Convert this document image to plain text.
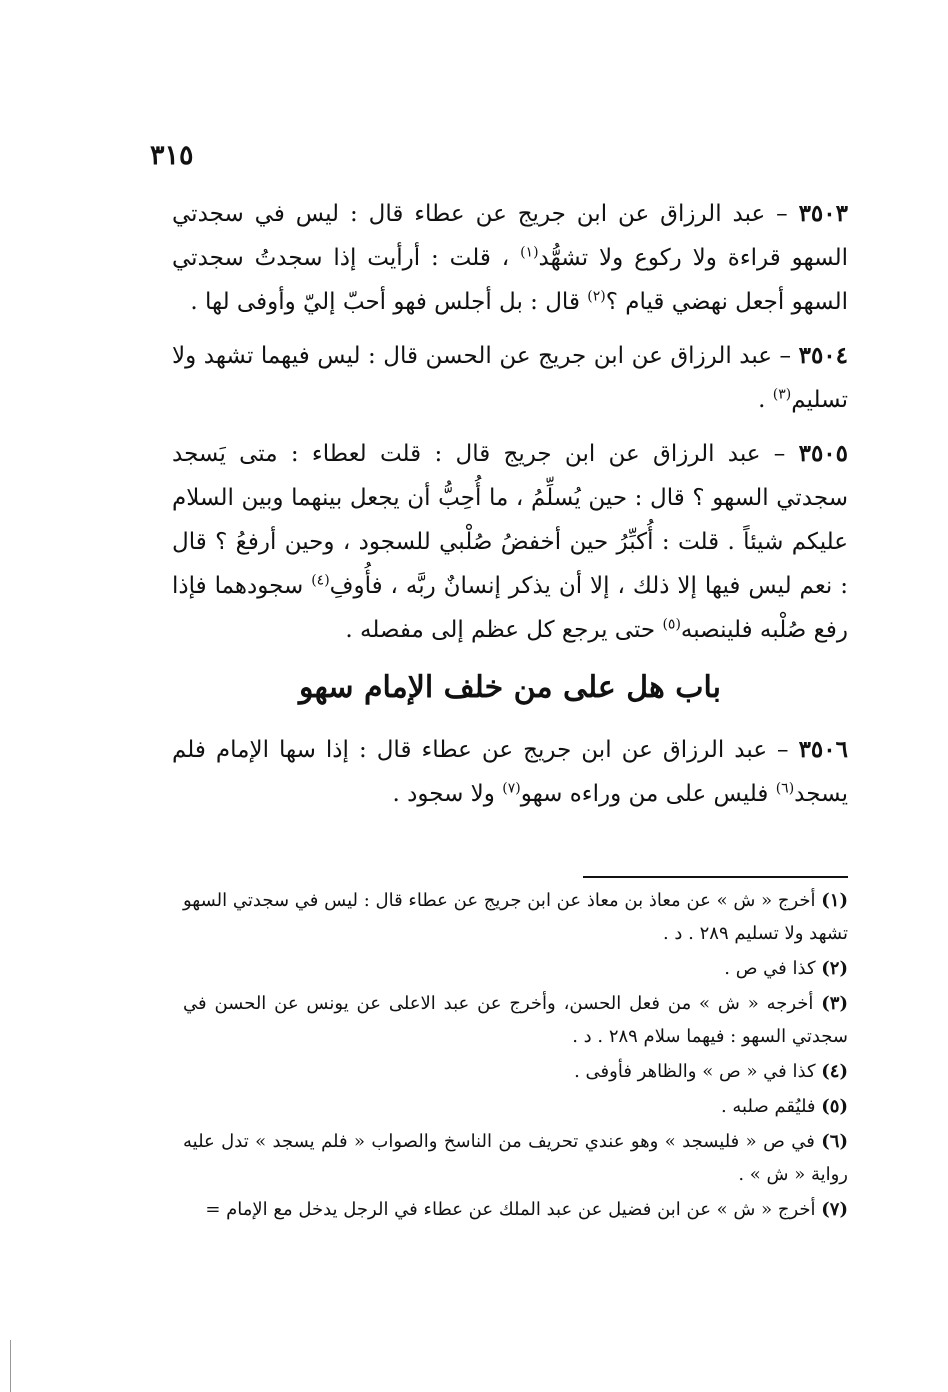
٣١٥

٣٥٠٣ – عبد الرزاق عن ابن جريج عن عطاء قال : ليس في سجدتي السهو قراءة ولا ركوع ولا تشهُّد$^{(١)}$ ، قلت : أرأيت إذا سجدتُ سجدتي السهو أجعل نهضي قيام ؟$^{(٢)}$ قال : بل أجلس فهو أحبّ إليّ وأوفى لها .

٣٥٠٤ – عبد الرزاق عن ابن جريج عن الحسن قال : ليس فيهما تشهد ولا تسليم$^{(٣)}$ .

٣٥٠٥ – عبد الرزاق عن ابن جريج قال : قلت لعطاء : متى يَسجد سجدتي السهو ؟ قال : حين يُسلِّمُ ، ما أُحِبُّ أن يجعل بينهما وبين السلام عليكم شيئاً . قلت : أُكبِّرُ حين أخفضُ صُلْبي للسجود ، وحين أرفعُ ؟ قال : نعم ليس فيها إلا ذلك ، إلا أن يذكر إنسانٌ ربَّه ، فأُوفِ$^{(٤)}$ سجودهما فإذا رفع صُلْبه فلينصبه$^{(٥)}$ حتى يرجع كل عظم إلى مفصله .

باب هل على من خلف الإمام سهو

٣٥٠٦ – عبد الرزاق عن ابن جريج عن عطاء قال : إذا سها الإمام فلم يسجد$^{(٦)}$ فليس على من وراءه سهو$^{(٧)}$ ولا سجود .

(١) أخرج « ش » عن معاذ بن معاذ عن ابن جريج عن عطاء قال : ليس في سجدتي السهو تشهد ولا تسليم ٢٨٩ . د .
(٢) كذا في ص .
(٣) أخرجه « ش » من فعل الحسن، وأخرج عن عبد الاعلى عن يونس عن الحسن في سجدتي السهو : فيهما سلام ٢٨٩ . د .
(٤) كذا في « ص » والظاهر فأوفى .
(٥) فليُقم صلبه .
(٦) في ص « فليسجد » وهو عندي تحريف من الناسخ والصواب « فلم يسجد » تدل عليه رواية « ش » .
(٧) أخرج « ش » عن ابن فضيل عن عبد الملك عن عطاء في الرجل يدخل مع الإمام =
